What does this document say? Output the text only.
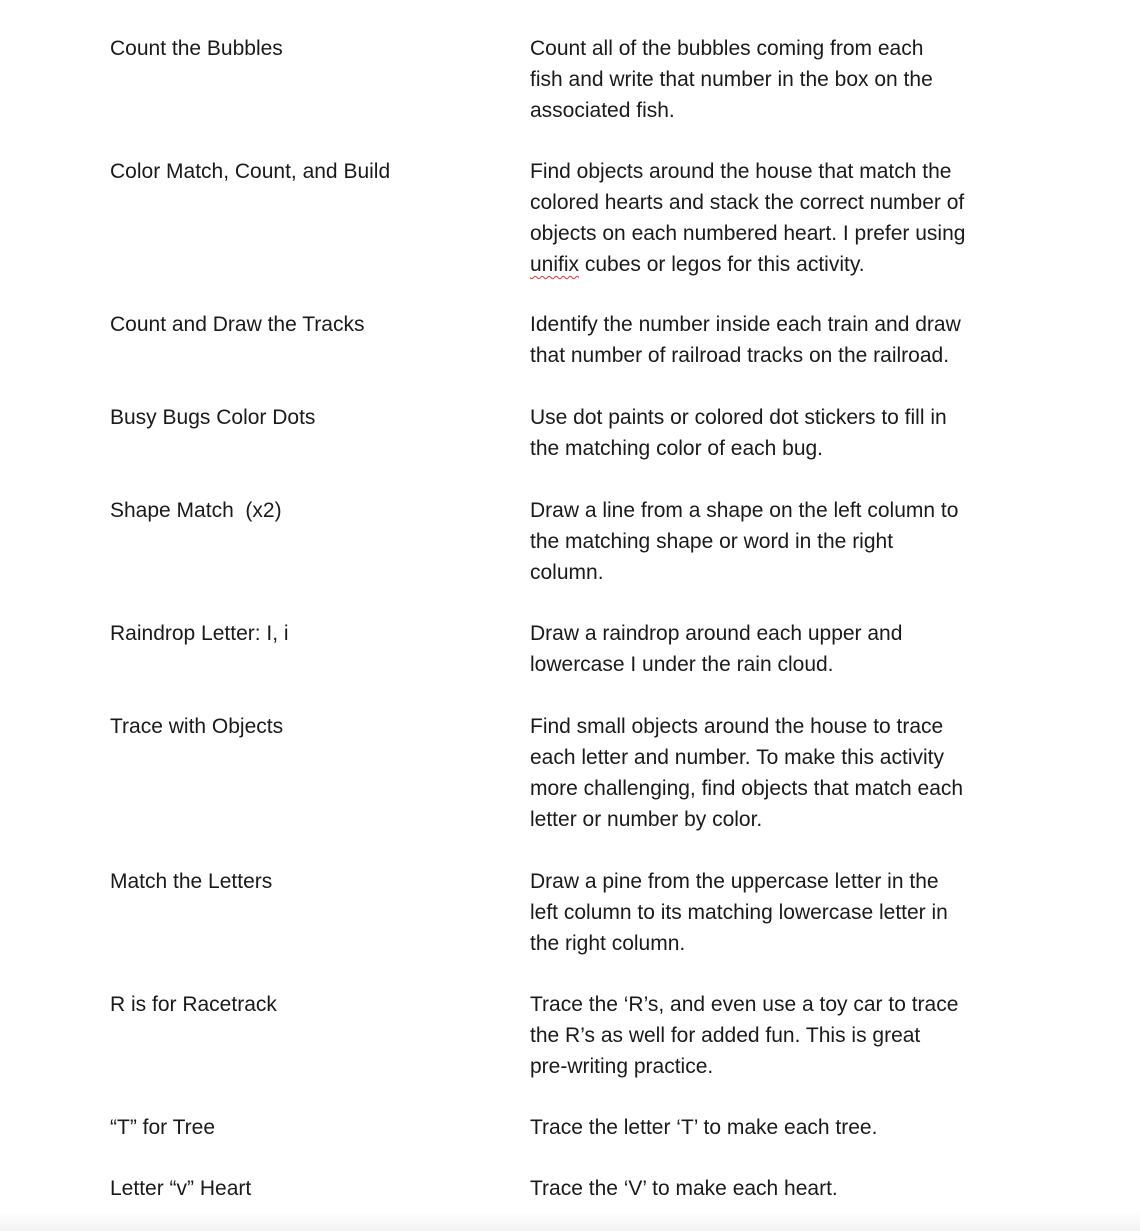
Count the Bubbles	Count all of the bubbles coming from each

fish and write that number in the box on the

associated fish.

Color Match, Count, and Build	Find objects around the house that match the

colored hearts and stack the correct number of

objects on each numbered heart. I prefer using

unifix cubes or legos for this activity.

Count and Draw the Tracks	Identify the number inside each train and draw

that number of railroad tracks on the railroad.

Busy Bugs Color Dots	Use dot paints or colored dot stickers to fill in

the matching color of each bug.

Shape Match  (x2)	Draw a line from a shape on the left column to

the matching shape or word in the right

column.

Raindrop Letter: I, i	Draw a raindrop around each upper and

lowercase I under the rain cloud.

Trace with Objects	Find small objects around the house to trace

each letter and number. To make this activity

more challenging, find objects that match each

letter or number by color.

Match the Letters	Draw a pine from the uppercase letter in the

left column to its matching lowercase letter in

the right column.

R is for Racetrack	Trace the ‘R’s, and even use a toy car to trace

the R’s as well for added fun. This is great

pre-writing practice.

“T” for Tree	Trace the letter ‘T’ to make each tree.

Letter “v” Heart	Trace the ‘V’ to make each heart.
